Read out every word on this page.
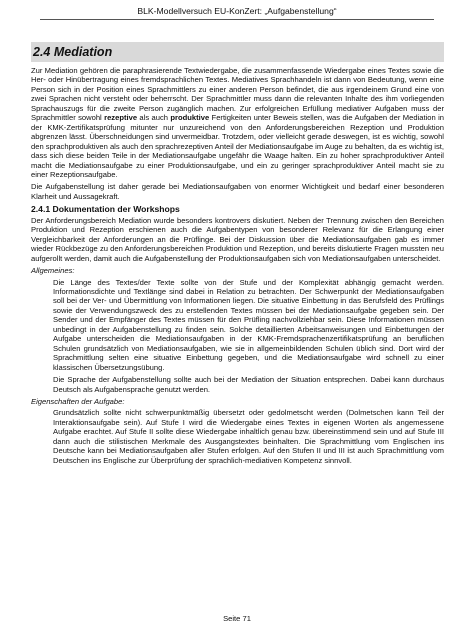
BLK-Modellversuch EU-KonZert: „Aufgabenstellung“
2.4
Mediation

Zur Mediation gehören die paraphrasierende Textwiedergabe, die zusammenfassende Wiedergabe eines Textes sowie die Her- oder Hinübertragung eines fremdsprachlichen Textes. Mediatives Sprachhandeln ist dann von Bedeutung, wenn eine Person sich in der Position eines Sprachmittlers zu einer anderen Person befindet, die aus irgendeinem Grund eine von zwei Sprachen nicht versteht oder beherrscht. Der Sprachmittler muss dann die relevanten Inhalte des ihm vorliegenden Sprachauszugs für die zweite Person zugänglich machen. Zur erfolgreichen Erfüllung mediativer Aufgaben muss der Sprachmittler sowohl rezeptive als auch produktive Fertigkeiten unter Beweis stellen, was die Aufgaben der Mediation in der KMK-Zertifikatsprüfung mitunter nur unzureichend von den Anforderungsbereichen Rezeption und Produktion abgrenzen lässt. Überschneidungen sind unvermeidbar. Trotzdem, oder vielleicht gerade deswegen, ist es wichtig, sowohl den sprachproduktiven als auch den sprachrezeptiven Anteil der Mediationsaufgabe im Auge zu behalten, da es wichtig ist, dass sich diese beiden Teile in der Mediationsaufgabe ungefähr die Waage halten. Ein zu hoher sprachproduktiver Anteil macht die Mediationsaufgabe zu einer Produktionsaufgabe, und ein zu geringer sprachproduktiver Anteil macht sie zu einer Rezeptionsaufgabe.

Die Aufgabenstellung ist daher gerade bei Mediationsaufgaben von enormer Wichtigkeit und bedarf einer besonderen Klarheit und Aussagekraft.

2.4.1 Dokumentation der Workshops

Der Anforderungsbereich Mediation wurde besonders kontrovers diskutiert. Neben der Trennung zwischen den Bereichen Produktion und Rezeption erschienen auch die Aufgabentypen von besonderer Relevanz für die Erlangung einer Vergleichbarkeit der Anforderungen an die Prüflinge. Bei der Diskussion über die Mediationsaufgaben gab es immer wieder Rückbezüge zu den Anforderungsbereichen Produktion und Rezeption, und bereits diskutierte Fragen mussten neu aufgerollt werden, damit auch die Aufgabenstellung der Produktionsaufgaben sich von Mediationsaufgaben unterscheidet.

Allgemeines:

Die Länge des Textes/der Texte sollte von der Stufe und der Komplexität abhängig gemacht werden. Informationsdichte und Textlänge sind dabei in Relation zu betrachten. Der Schwerpunkt der Mediationsaufgaben soll bei der Ver- und Übermittlung von Informationen liegen. Die situative Einbettung in das Berufsfeld des Prüflings sowie der Verwendungszweck des zu erstellenden Textes müssen bei der Mediationsaufgabe gegeben sein. Der Sender und der Empfänger des Textes müssen für den Prüfling nachvollziehbar sein. Diese Informationen müssen unbedingt in der Aufgabenstellung zu finden sein. Solche detaillierten Arbeitsanweisungen und Einbettungen der Aufgabe unterscheiden die Mediationsaufgaben in der KMK-Fremdsprachenzertifikatsprüfung an beruflichen Schulen grundsätzlich von Mediationsaufgaben, wie sie in allgemeinbildenden Schulen üblich sind. Dort wird der Sprachmittlung selten eine situative Einbettung gegeben, und die Mediationsaufgabe wird schnell zu einer klassischen Übersetzungsübung.

Die Sprache der Aufgabenstellung sollte auch bei der Mediation der Situation entsprechen. Dabei kann durchaus Deutsch als Aufgabensprache genutzt werden.

Eigenschaften der Aufgabe:

Grundsätzlich sollte nicht schwerpunktmäßig übersetzt oder gedolmetscht werden (Dolmetschen kann Teil der Interaktionsaufgabe sein). Auf Stufe I wird die Wiedergabe eines Textes in eigenen Worten als angemessene Aufgabe erachtet. Auf Stufe II sollte diese Wiedergabe inhaltlich genau bzw. übereinstimmend sein und auf Stufe III dann auch die stilistischen Merkmale des Ausgangstextes beinhalten. Die Sprachmittlung vom Englischen ins Deutsche kann bei Mediationsaufgaben aller Stufen erfolgen. Auf den Stufen II und III ist auch Sprachmittlung vom Deutschen ins Englische zur Überprüfung der sprachlich-mediativen Kompetenz sinnvoll.

Seite 71
